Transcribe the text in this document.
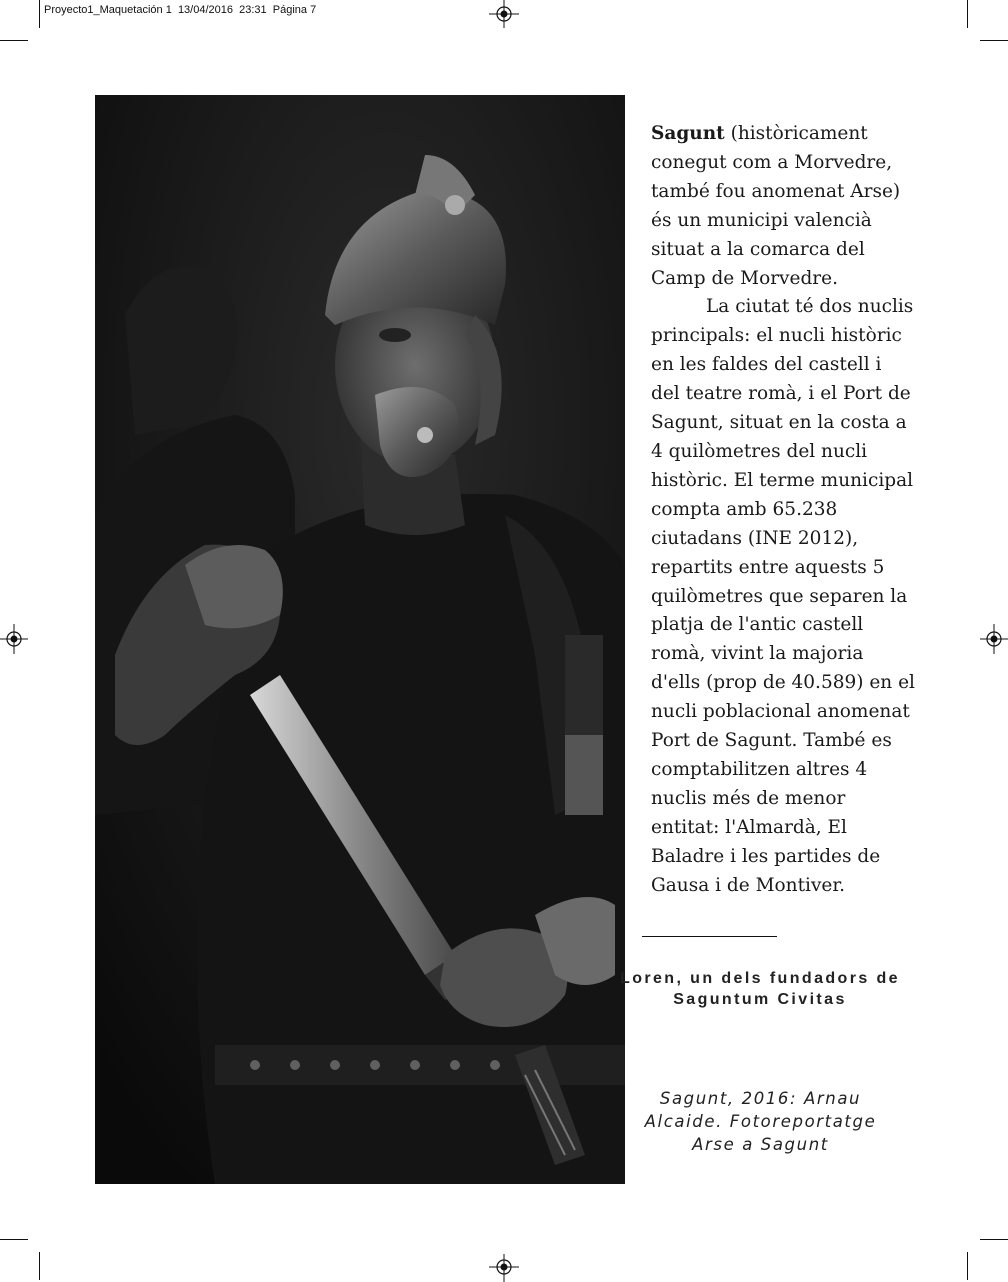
Proyecto1_Maquetación 1 13/04/2016 23:31 Página 7

Sagunt (històricament conegut com a Morvedre, també fou anomenat Arse) és un municipi valencià situat a la comarca del Camp de Morvedre.

La ciutat té dos nuclis principals: el nucli històric en les faldes del castell i del teatre romà, i el Port de Sagunt, situat en la costa a 4 quilòmetres del nucli històric. El terme municipal compta amb 65.238 ciutadans (INE 2012), repartits entre aquests 5 quilòmetres que separen la platja de l'antic castell romà, vivint la majoria d'ells (prop de 40.589) en el nucli poblacional anomenat Port de Sagunt. També es comptabilitzen altres 4 nuclis més de menor entitat: l'Almardà, El Baladre i les partides de Gausa i de Montiver.

Loren, un dels fundadors de Saguntum Civitas
Sagunt, 2016: Arnau Alcaide. Fotoreportatge Arse a Sagunt
